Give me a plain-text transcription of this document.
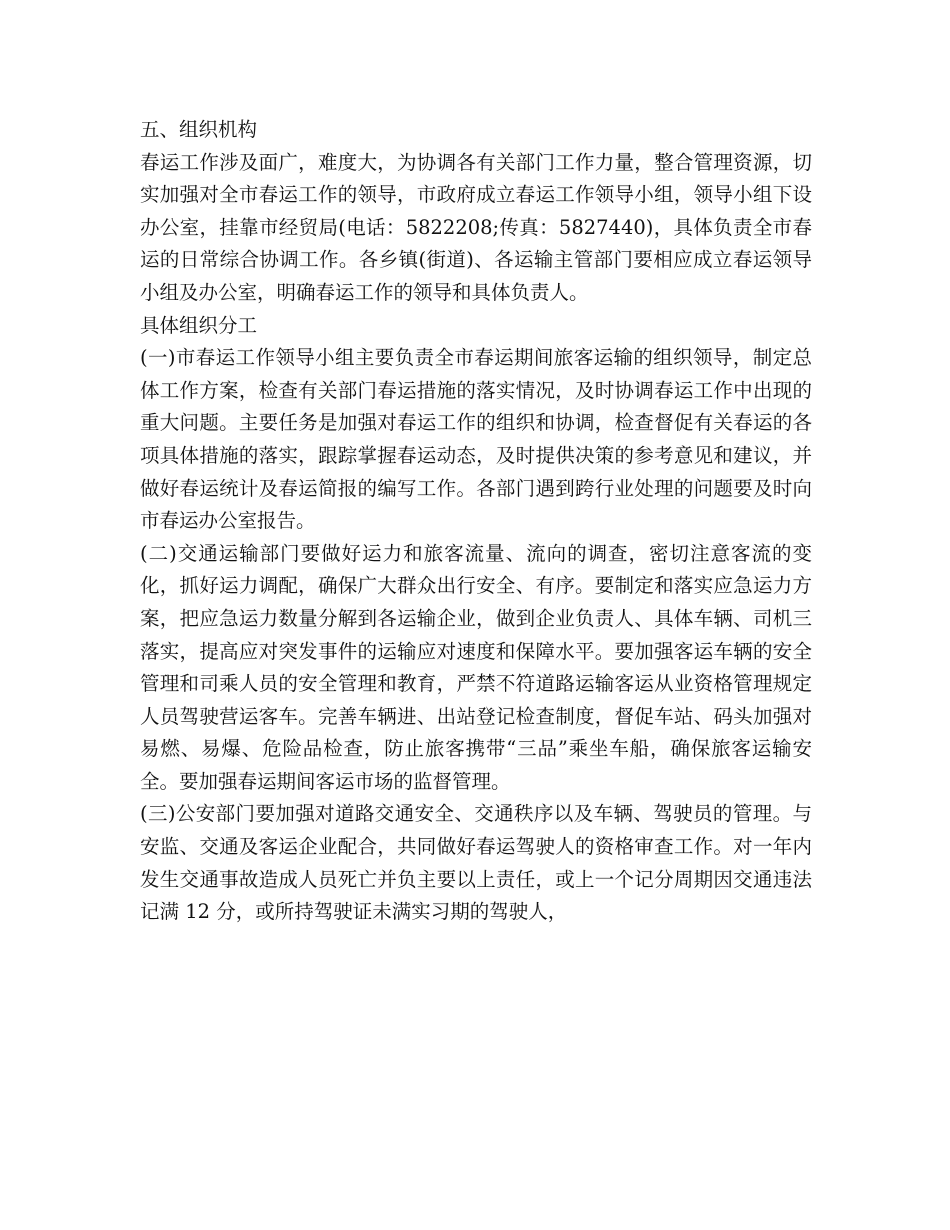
五、组织机构

春运工作涉及面广，难度大，为协调各有关部门工作力量，整合管理资源，切实加强对全市春运工作的领导，市政府成立春运工作领导小组，领导小组下设办公室，挂靠市经贸局(电话：5822208;传真：5827440)，具体负责全市春运的日常综合协调工作。各乡镇(街道)、各运输主管部门要相应成立春运领导小组及办公室，明确春运工作的领导和具体负责人。

具体组织分工

(一)市春运工作领导小组主要负责全市春运期间旅客运输的组织领导，制定总体工作方案，检查有关部门春运措施的落实情况，及时协调春运工作中出现的重大问题。主要任务是加强对春运工作的组织和协调，检查督促有关春运的各项具体措施的落实，跟踪掌握春运动态，及时提供决策的参考意见和建议，并做好春运统计及春运简报的编写工作。各部门遇到跨行业处理的问题要及时向市春运办公室报告。

(二)交通运输部门要做好运力和旅客流量、流向的调查，密切注意客流的变化，抓好运力调配，确保广大群众出行安全、有序。要制定和落实应急运力方案，把应急运力数量分解到各运输企业，做到企业负责人、具体车辆、司机三落实，提高应对突发事件的运输应对速度和保障水平。要加强客运车辆的安全管理和司乘人员的安全管理和教育，严禁不符道路运输客运从业资格管理规定人员驾驶营运客车。完善车辆进、出站登记检查制度，督促车站、码头加强对易燃、易爆、危险品检查，防止旅客携带“三品”乘坐车船，确保旅客运输安全。要加强春运期间客运市场的监督管理。

(三)公安部门要加强对道路交通安全、交通秩序以及车辆、驾驶员的管理。与安监、交通及客运企业配合，共同做好春运驾驶人的资格审查工作。对一年内发生交通事故造成人员死亡并负主要以上责任，或上一个记分周期因交通违法记满 12 分，或所持驾驶证未满实习期的驾驶人，
